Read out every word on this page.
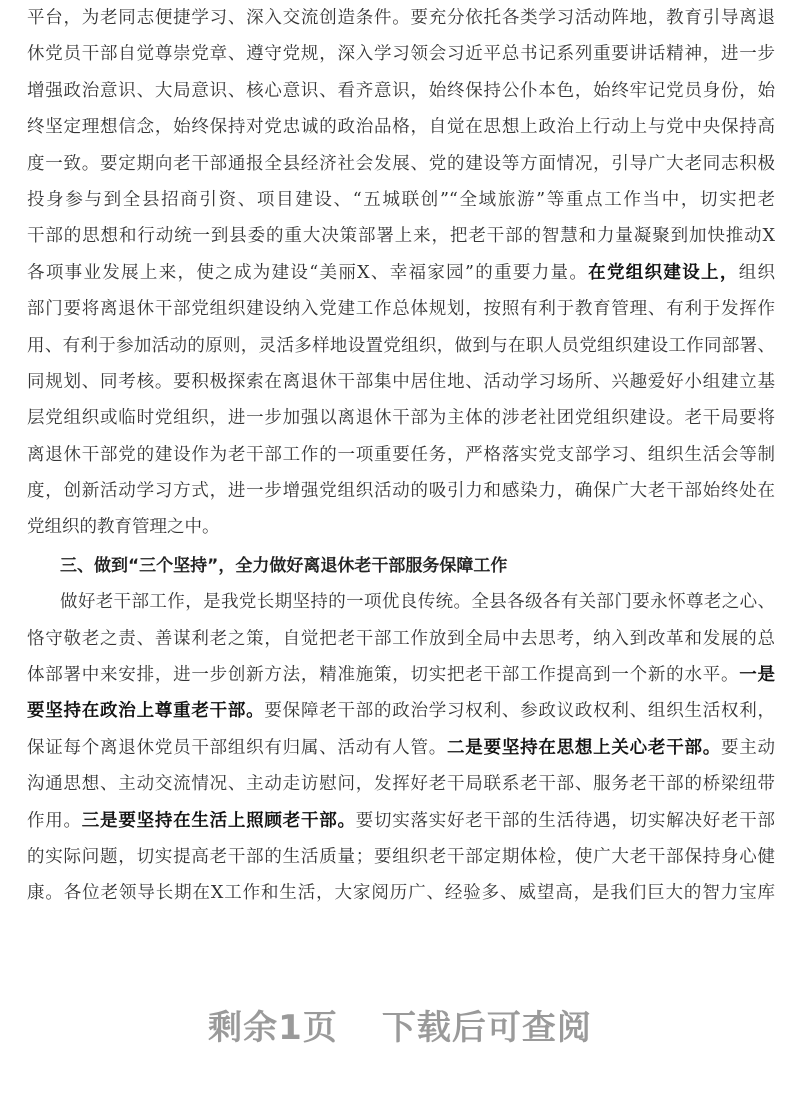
平台，为老同志便捷学习、深入交流创造条件。要充分依托各类学习活动阵地，教育引导离退
休党员干部自觉尊崇党章、遵守党规，深入学习领会习近平总书记系列重要讲话精神，进一步
增强政治意识、大局意识、核心意识、看齐意识，始终保持公仆本色，始终牢记党员身份，始
终坚定理想信念，始终保持对党忠诚的政治品格，自觉在思想上政治上行动上与党中央保持高
度一致。要定期向老干部通报全县经济社会发展、党的建设等方面情况，引导广大老同志积极
投身参与到全县招商引资、项目建设、“五城联创”“全域旅游”等重点工作当中，切实把老
干部的思想和行动统一到县委的重大决策部署上来，把老干部的智慧和力量凝聚到加快推动X
各项事业发展上来，使之成为建设“美丽X、幸福家园”的重要力量。在党组织建设上，组织
部门要将离退休干部党组织建设纳入党建工作总体规划，按照有利于教育管理、有利于发挥作
用、有利于参加活动的原则，灵活多样地设置党组织，做到与在职人员党组织建设工作同部署、
同规划、同考核。要积极探索在离退休干部集中居住地、活动学习场所、兴趣爱好小组建立基
层党组织或临时党组织，进一步加强以离退休干部为主体的涉老社团党组织建设。老干局要将
离退休干部党的建设作为老干部工作的一项重要任务，严格落实党支部学习、组织生活会等制
度，创新活动学习方式，进一步增强党组织活动的吸引力和感染力，确保广大老干部始终处在
党组织的教育管理之中。
三、做到“三个坚持”，全力做好离退休老干部服务保障工作
做好老干部工作，是我党长期坚持的一项优良传统。全县各级各有关部门要永怀尊老之心、
恪守敬老之责、善谋利老之策，自觉把老干部工作放到全局中去思考，纳入到改革和发展的总
体部署中来安排，进一步创新方法，精准施策，切实把老干部工作提高到一个新的水平。一是
要坚持在政治上尊重老干部。要保障老干部的政治学习权利、参政议政权利、组织生活权利，
保证每个离退休党员干部组织有归属、活动有人管。二是要坚持在思想上关心老干部。要主动
沟通思想、主动交流情况、主动走访慰问，发挥好老干局联系老干部、服务老干部的桥梁纽带
作用。三是要坚持在生活上照顾老干部。要切实落实好老干部的生活待遇，切实解决好老干部
的实际问题，切实提高老干部的生活质量；要组织老干部定期体检，使广大老干部保持身心健
康。各位老领导长期在X工作和生活，大家阅历广、经验多、威望高，是我们巨大的智力宝库
剩余1页 下载后可查阅
